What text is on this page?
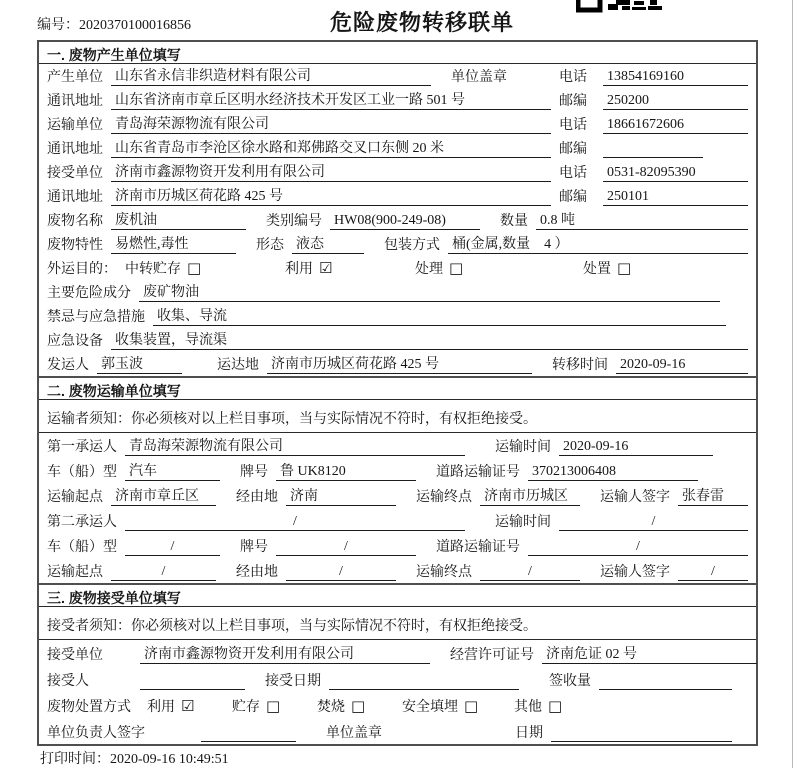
编号：2020370100016856	危险废物转移联单
一. 废物产生单位填写
产生单位 山东省永信非织造材料有限公司	单位盖章	电话	13854169160
通讯地址 山东省济南市章丘区明水经济技术开发区工业一路 501 号	邮编	250200
运输单位 青岛海荣源物流有限公司	电话	18661672606
通讯地址 山东省青岛市李沧区徐水路和郑佛路交叉口东侧 20 米	邮编
接受单位 济南市鑫源物资开发利用有限公司	电话	0531-82095390
通讯地址 济南市历城区荷花路 425 号	邮编	250101
废物名称 废机油	类别编号 HW08(900-249-08)	数量 0.8 吨
废物特性 易燃性,毒性	形态 液态	包装方式 桶(金属,数量　4 ）
外运目的： 中转贮存 □	利用 ☑	处理 □	处置 □
主要危险成分 废矿物油
禁忌与应急措施 收集、导流
应急设备 收集装置，导流渠
发运人 郭玉波	运达地 济南市历城区荷花路 425 号	转移时间 2020-09-16
二. 废物运输单位填写
运输者须知：你必须核对以上栏目事项，当与实际情况不符时，有权拒绝接受。
第一承运人 青岛海荣源物流有限公司	运输时间 2020-09-16
车（船）型 汽车	牌号 鲁 UK8120	道路运输证号 370213006408
运输起点 济南市章丘区	经由地 济南	运输终点 济南市历城区	运输人签字 张春雷
第二承运人	/	运输时间	/
车（船）型	/	牌号	/	道路运输证号	/
运输起点	/	经由地	/	运输终点	/	运输人签字	/
三. 废物接受单位填写
接受者须知：你必须核对以上栏目事项，当与实际情况不符时，有权拒绝接受。
接受单位	济南市鑫源物资开发利用有限公司	经营许可证号 济南危证 02 号
接受人	接受日期	签收量
废物处置方式	利用 ☑	贮存 □	焚烧 □	安全填埋 □	其他 □
单位负责人签字	单位盖章	日期
打印时间：2020-09-16 10:49:51
